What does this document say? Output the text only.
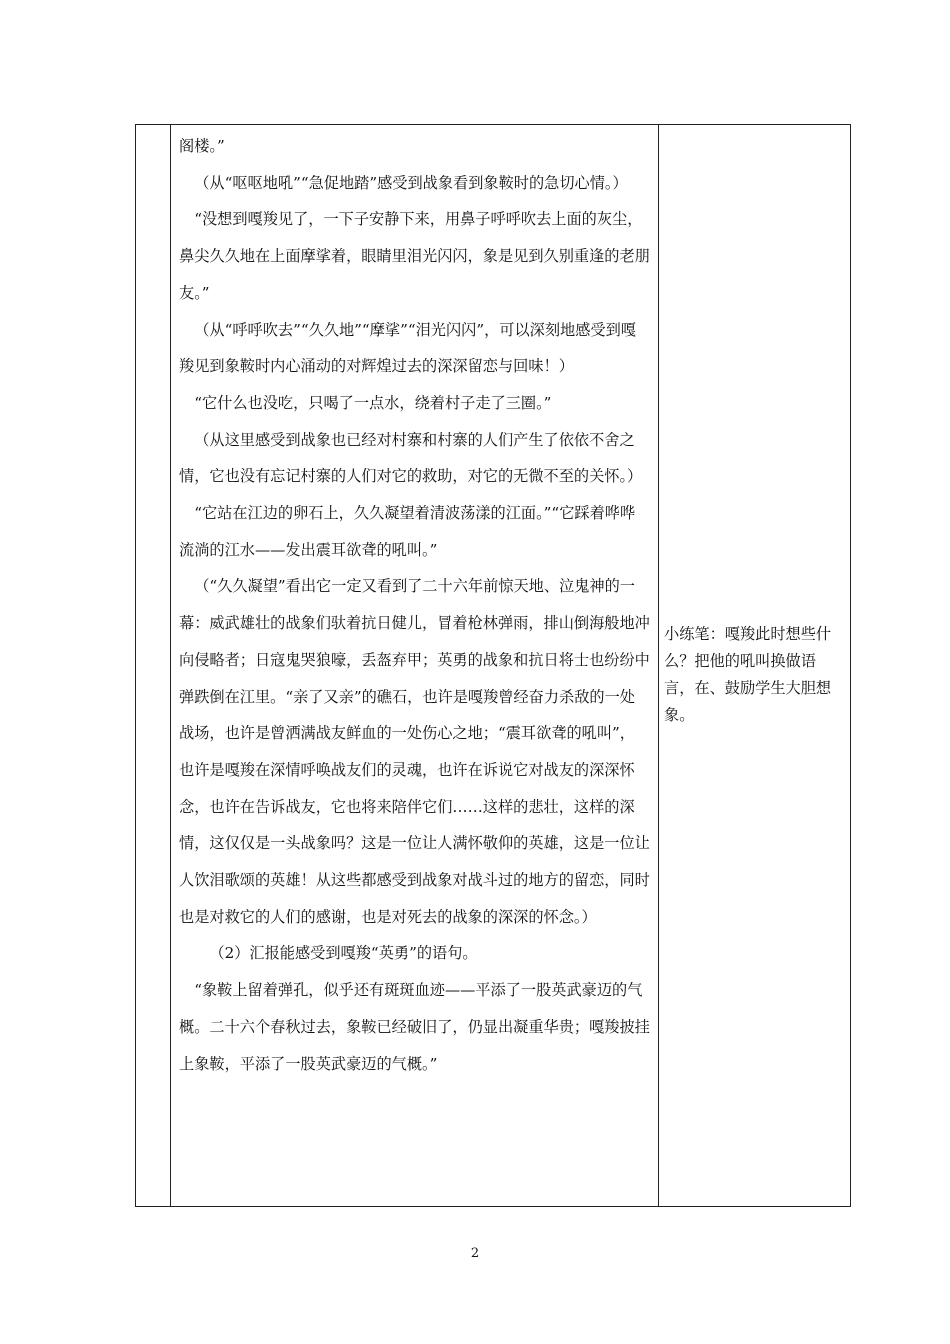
阁楼。”

（从“呕呕地吼”“急促地踏”感受到战象看到象鞍时的急切心情。）

“没想到嘎羧见了，一下子安静下来，用鼻子呼呼吹去上面的灰尘，鼻尖久久地在上面摩挲着，眼睛里泪光闪闪，象是见到久别重逢的老朋友。”

（从“呼呼吹去”“久久地”“摩挲”“泪光闪闪”，可以深刻地感受到嘎羧见到象鞍时内心涌动的对辉煌过去的深深留恋与回味！）

“它什么也没吃，只喝了一点水，绕着村子走了三圈。”

（从这里感受到战象也已经对村寨和村寨的人们产生了依依不舍之情，它也没有忘记村寨的人们对它的救助，对它的无微不至的关怀。）

“它站在江边的卵石上，久久凝望着清波荡漾的江面。”“它踩着哗哗流淌的江水——发出震耳欲聋的吼叫。”

（“久久凝望”看出它一定又看到了二十六年前惊天地、泣鬼神的一幕：威武雄壮的战象们驮着抗日健儿，冒着枪林弹雨，排山倒海般地冲向侵略者；日寇鬼哭狼嚎，丢盔弃甲；英勇的战象和抗日将士也纷纷中弹跌倒在江里。“亲了又亲”的礁石，也许是嘎羧曾经奋力杀敌的一处战场，也许是曾洒满战友鲜血的一处伤心之地；“震耳欲聋的吼叫”，也许是嘎羧在深情呼唤战友们的灵魂，也许在诉说它对战友的深深怀念，也许在告诉战友，它也将来陪伴它们……这样的悲壮，这样的深情，这仅仅是一头战象吗？这是一位让人满怀敬仰的英雄，这是一位让人饮泪歌颂的英雄！从这些都感受到战象对战斗过的地方的留恋，同时也是对救它的人们的感谢，也是对死去的战象的深深的怀念。）

（2）汇报能感受到嘎羧“英勇”的语句。

“象鞍上留着弹孔，似乎还有斑斑血迹——平添了一股英武豪迈的气概。二十六个春秋过去，象鞍已经破旧了，仍显出凝重华贵；嘎羧披挂上象鞍，平添了一股英武豪迈的气概。”

小练笔：嘎羧此时想些什么？把他的吼叫换做语言，在、鼓励学生大胆想象。
2
